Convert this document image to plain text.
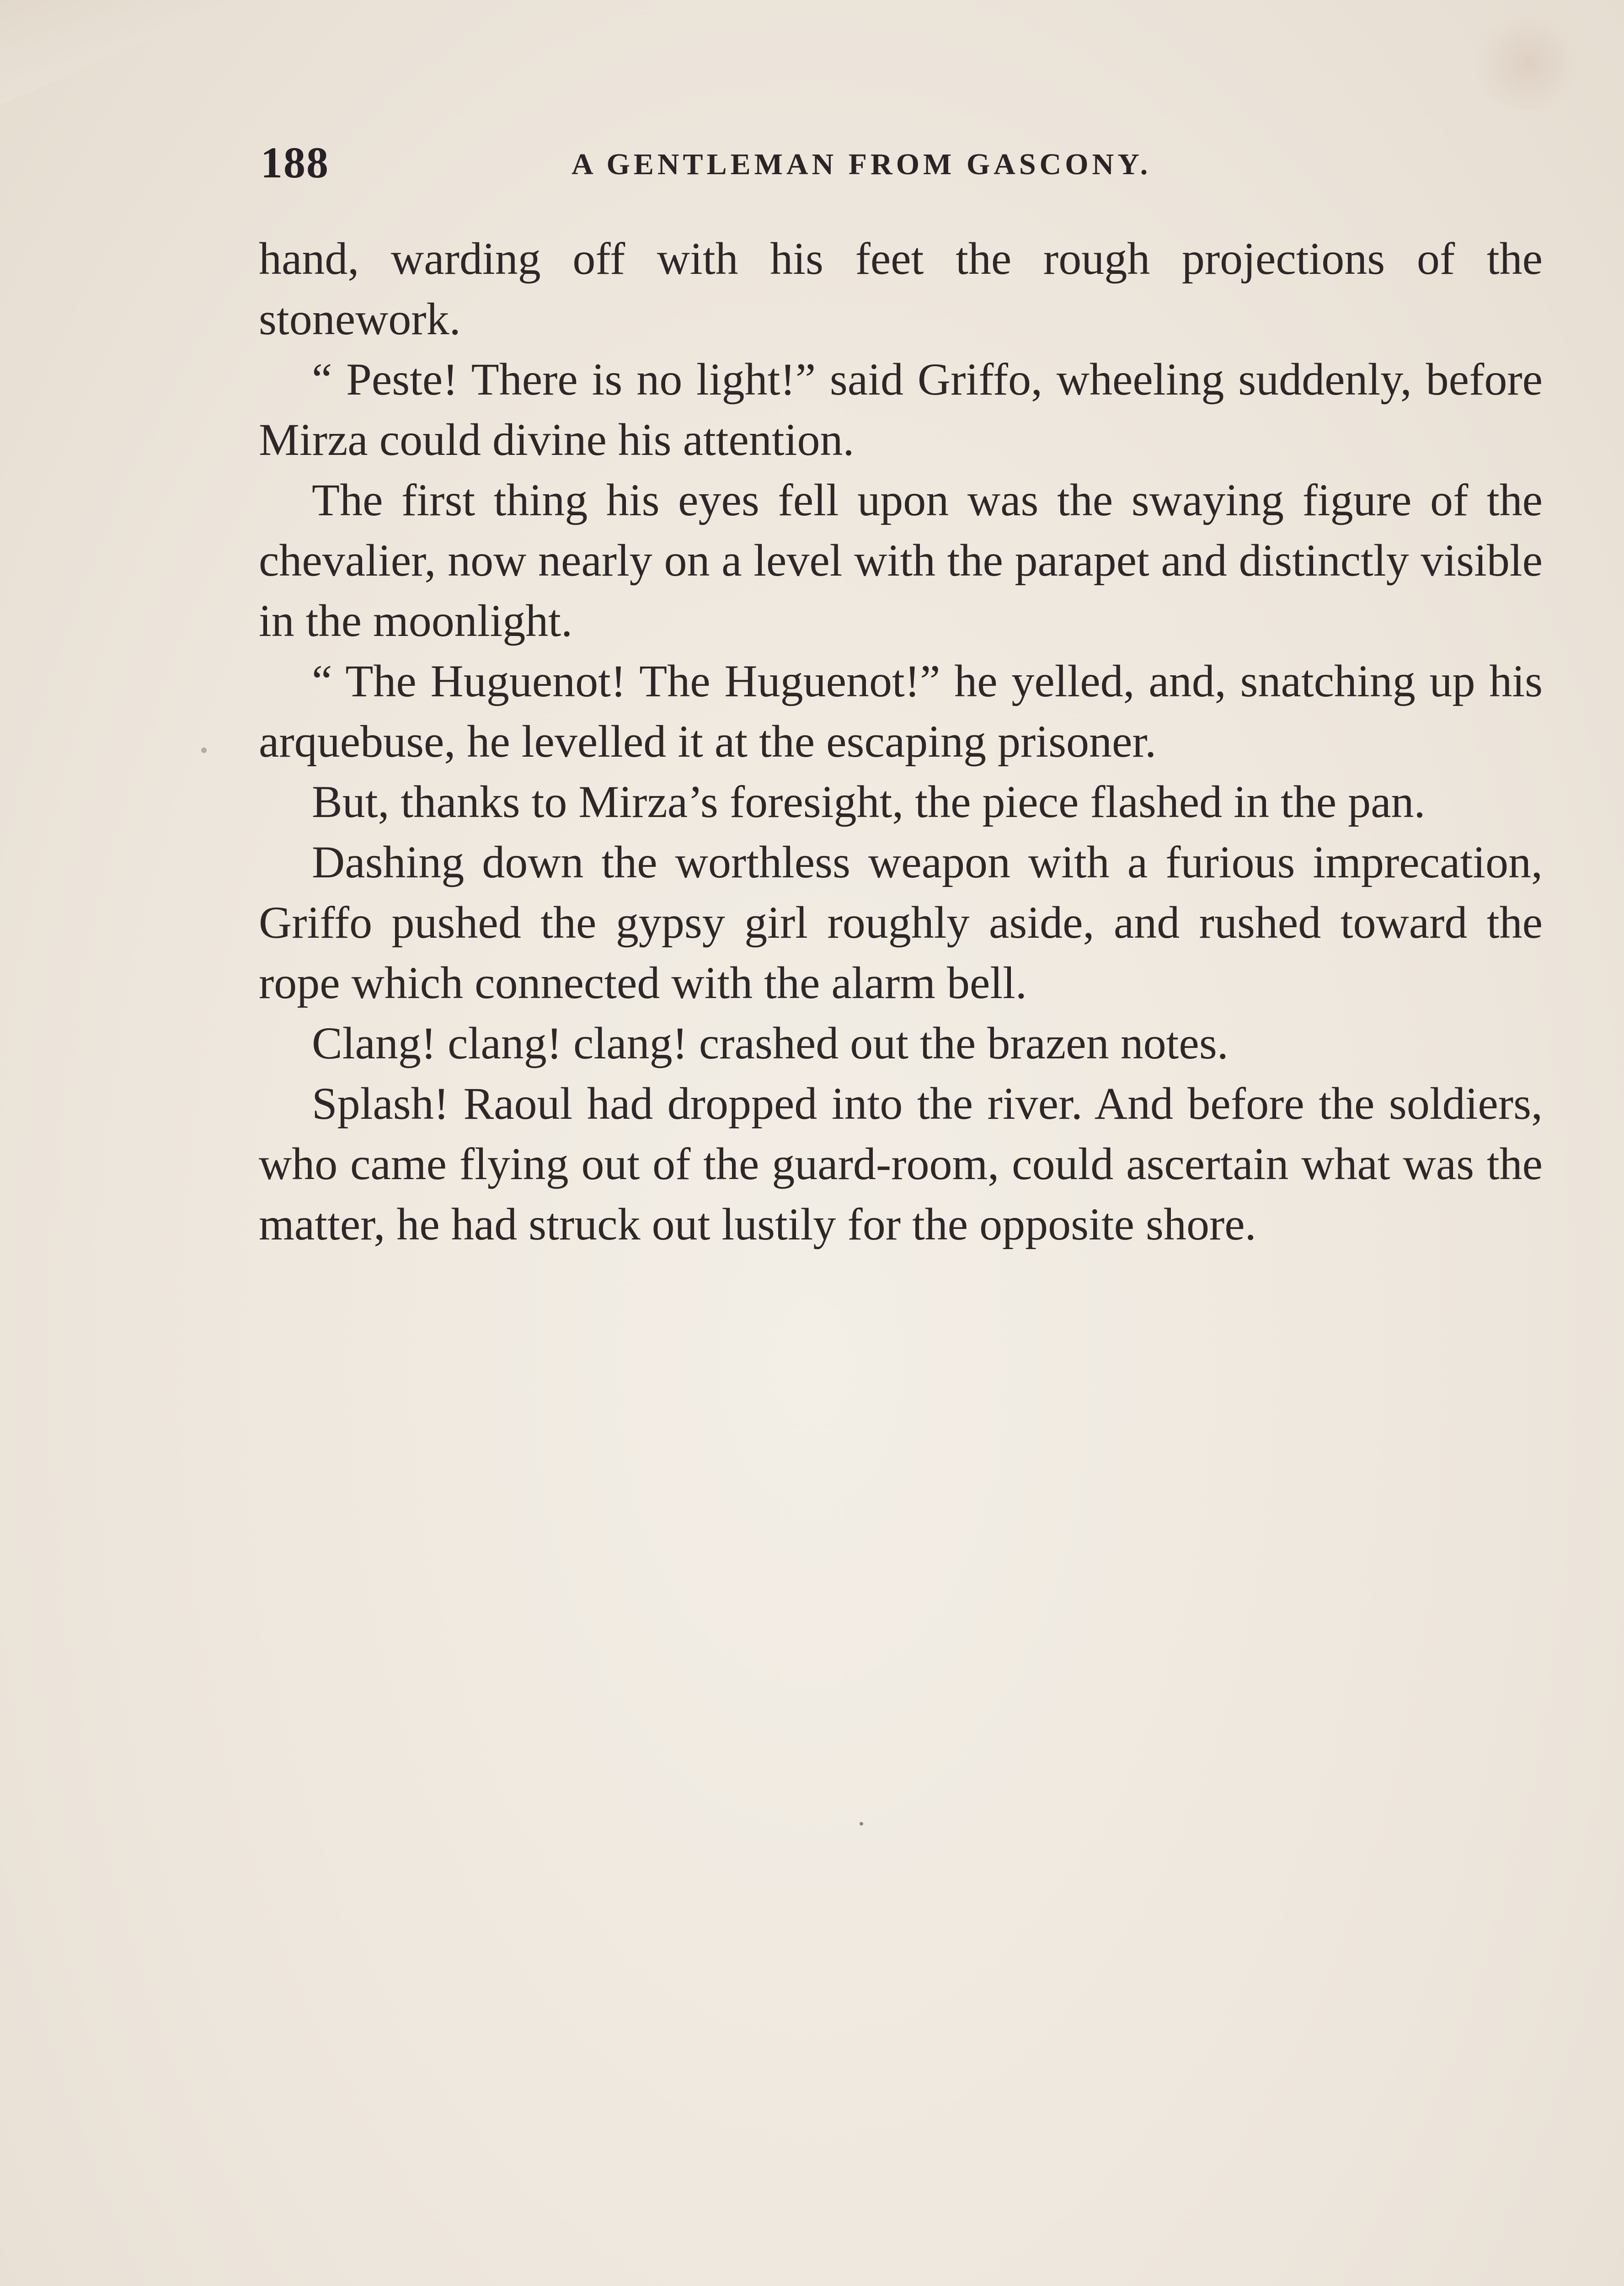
188	A GENTLEMAN FROM GASCONY.

hand, warding off with his feet the rough projections of the stonework.

“ Peste! There is no light!” said Griffo, wheeling suddenly, before Mirza could divine his attention.

The first thing his eyes fell upon was the swaying figure of the chevalier, now nearly on a level with the parapet and distinctly visible in the moonlight.

“ The Huguenot! The Huguenot!” he yelled, and, snatching up his arquebuse, he levelled it at the escaping prisoner.

But, thanks to Mirza’s foresight, the piece flashed in the pan.

Dashing down the worthless weapon with a furious imprecation, Griffo pushed the gypsy girl roughly aside, and rushed toward the rope which connected with the alarm bell.

Clang! clang! clang! crashed out the brazen notes.

Splash! Raoul had dropped into the river. And before the soldiers, who came flying out of the guard-room, could ascertain what was the matter, he had struck out lustily for the opposite shore.
